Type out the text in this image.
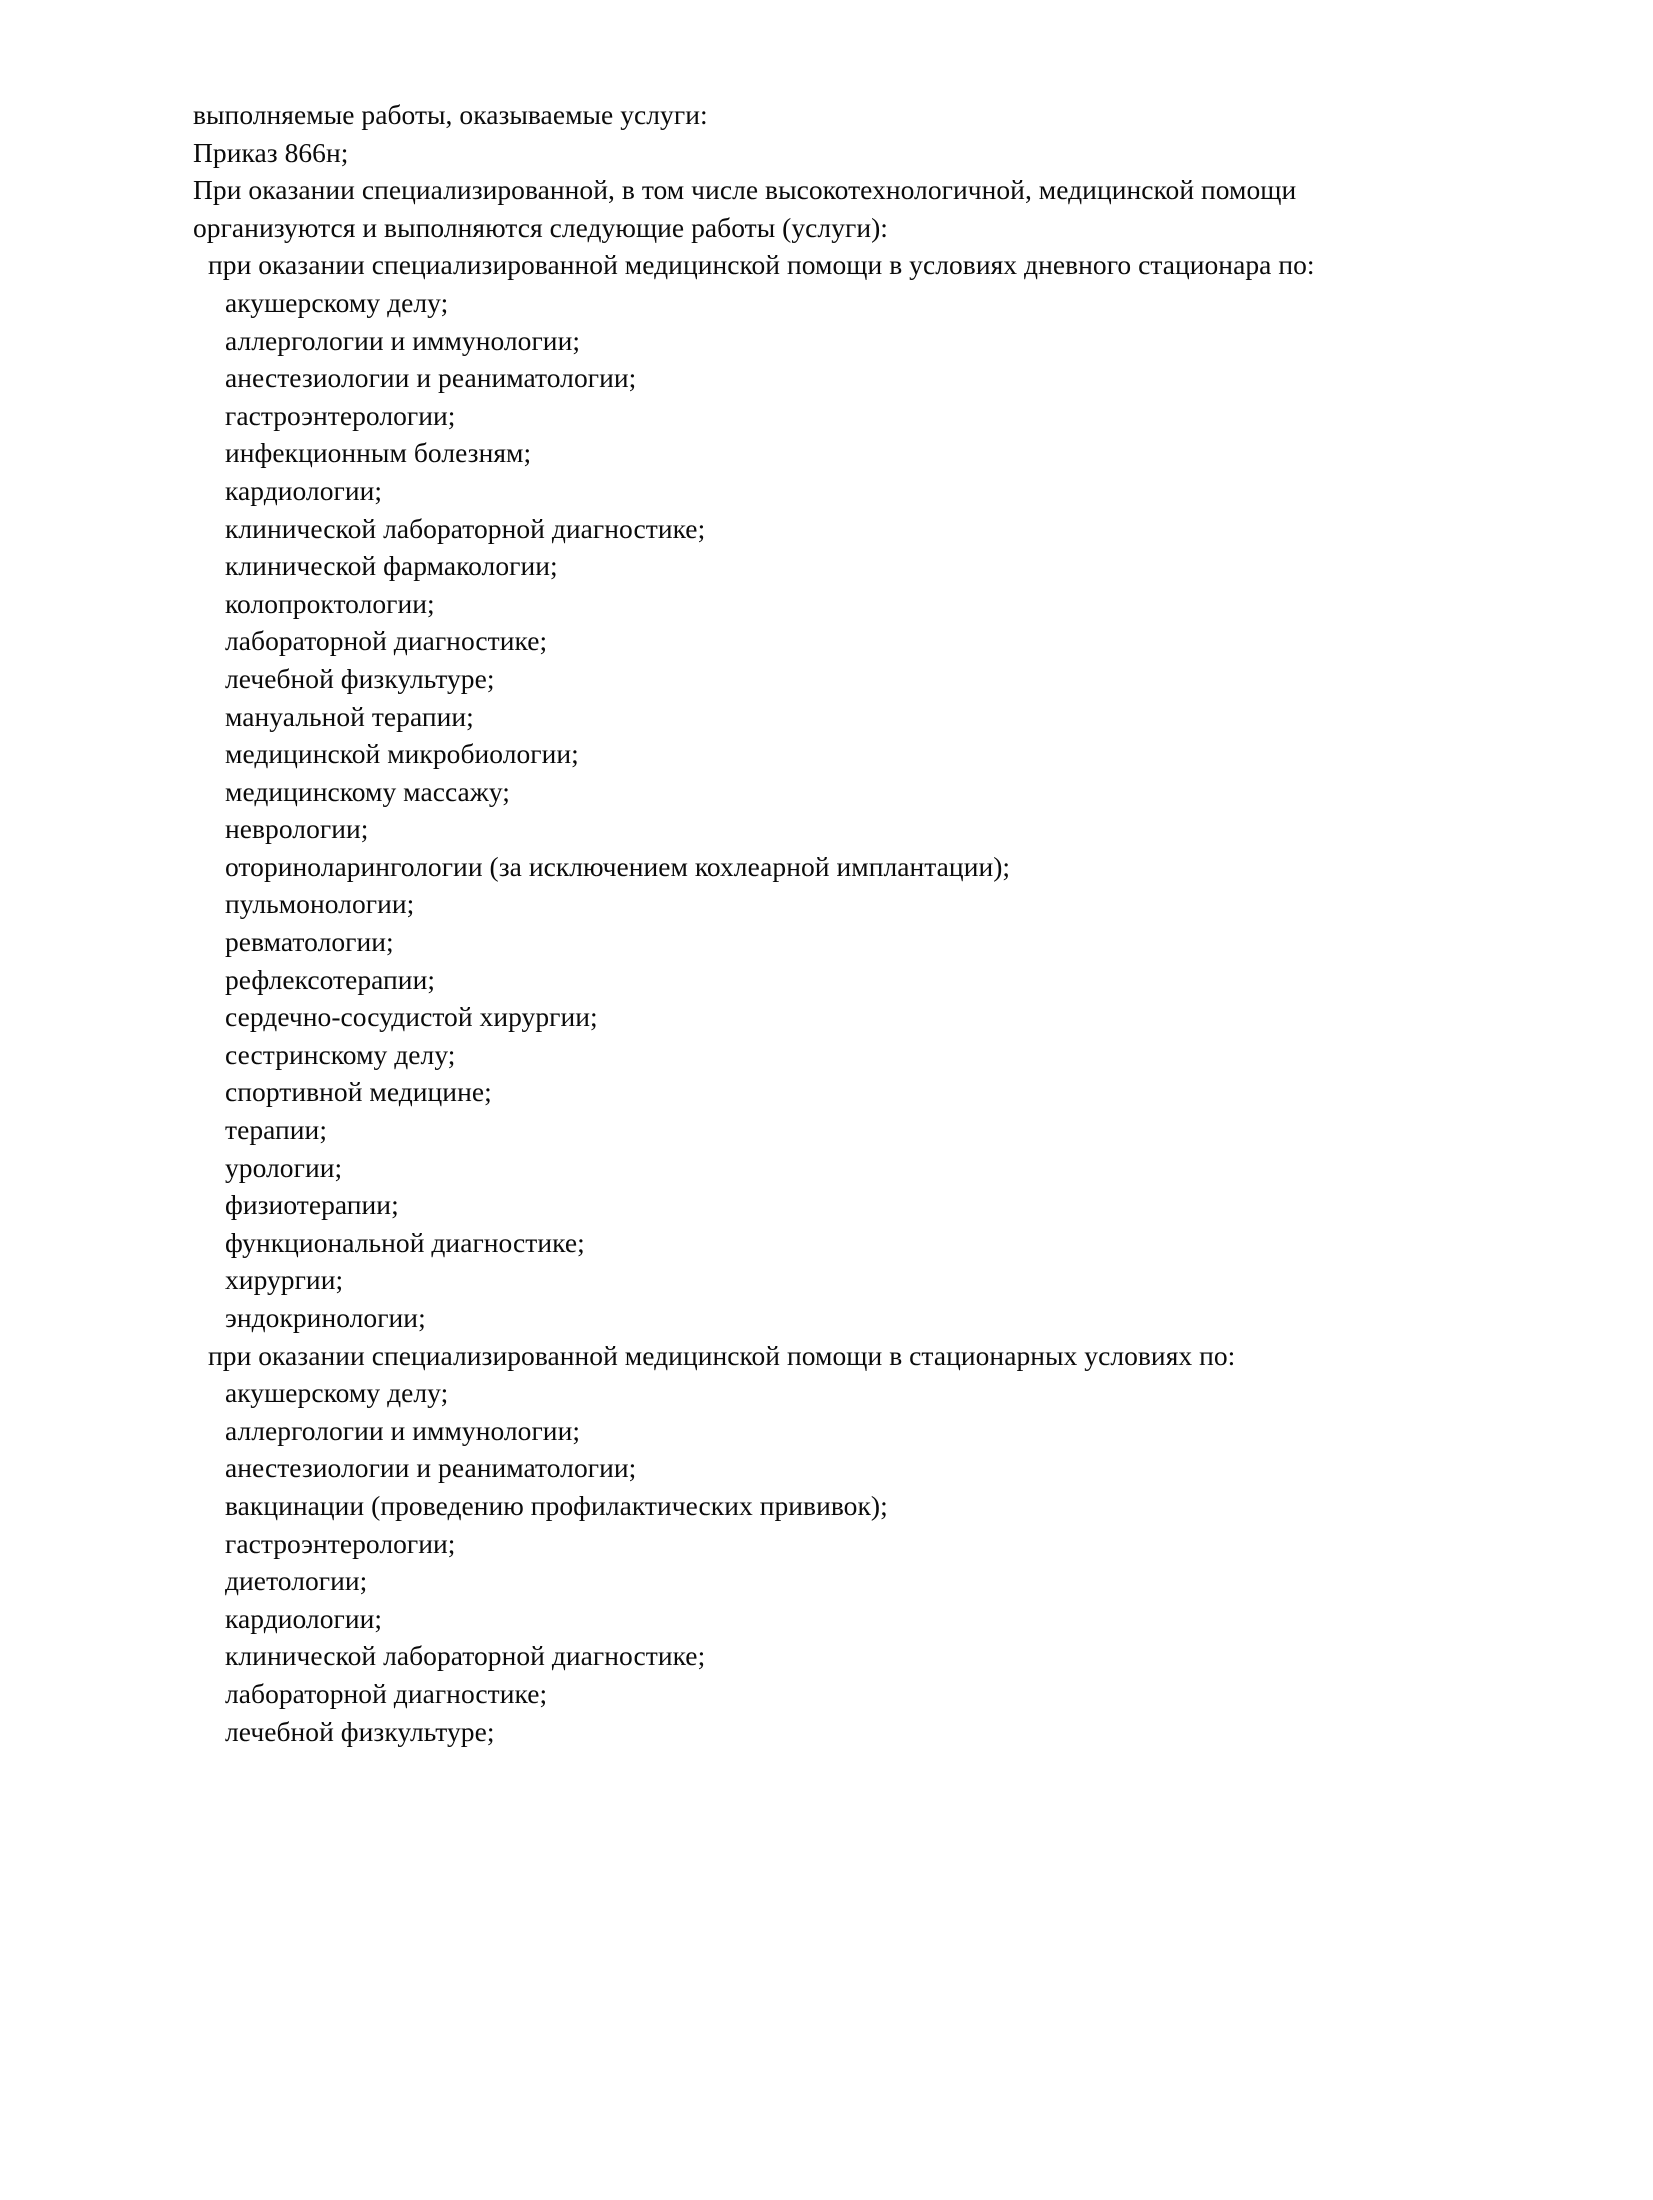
выполняемые работы, оказываемые услуги:
Приказ 866н;
При оказании специализированной, в том числе высокотехнологичной, медицинской помощи
организуются и выполняются следующие работы (услуги):
при оказании специализированной медицинской помощи в условиях дневного стационара по:
акушерскому делу;
аллергологии и иммунологии;
анестезиологии и реаниматологии;
гастроэнтерологии;
инфекционным болезням;
кардиологии;
клинической лабораторной диагностике;
клинической фармакологии;
колопроктологии;
лабораторной диагностике;
лечебной физкультуре;
мануальной терапии;
медицинской микробиологии;
медицинскому массажу;
неврологии;
оториноларингологии (за исключением кохлеарной имплантации);
пульмонологии;
ревматологии;
рефлексотерапии;
сердечно-сосудистой хирургии;
сестринскому делу;
спортивной медицине;
терапии;
урологии;
физиотерапии;
функциональной диагностике;
хирургии;
эндокринологии;
при оказании специализированной медицинской помощи в стационарных условиях по:
акушерскому делу;
аллергологии и иммунологии;
анестезиологии и реаниматологии;
вакцинации (проведению профилактических прививок);
гастроэнтерологии;
диетологии;
кардиологии;
клинической лабораторной диагностике;
лабораторной диагностике;
лечебной физкультуре;
